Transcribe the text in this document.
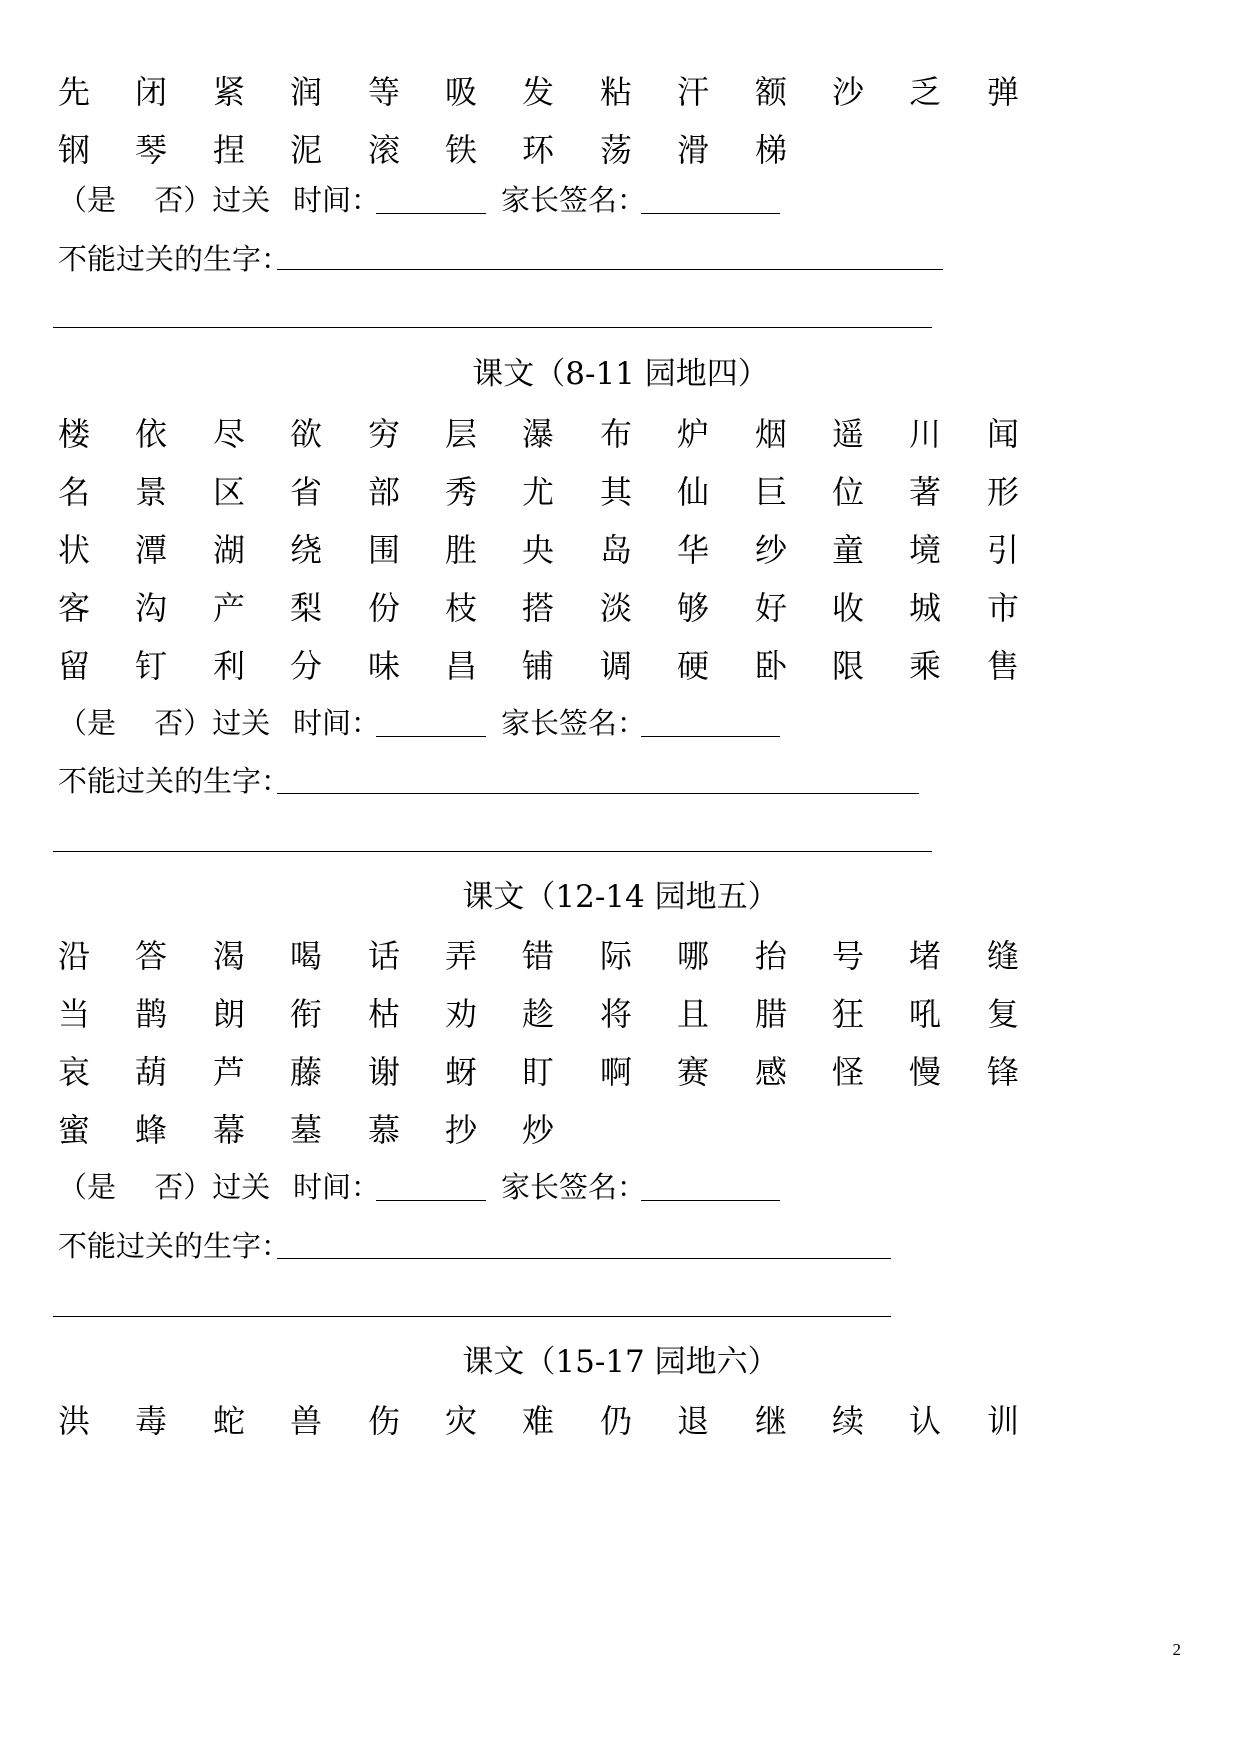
先	闭	紧	润	等	吸	发	粘	汗	额	沙	乏	弹
钢	琴	捏	泥	滚	铁	环	荡	滑	梯
（是　 否）过关 时间：	家长签名：
不能过关的生字：
课文（8-11 园地四）
楼	依	尽	欲	穷	层	瀑	布	炉	烟	遥	川	闻
名	景	区	省	部	秀	尤	其	仙	巨	位	著	形
状	潭	湖	绕	围	胜	央	岛	华	纱	童	境	引
客	沟	产	梨	份	枝	搭	淡	够	好	收	城	市
留	钉	利	分	味	昌	铺	调	硬	卧	限	乘	售
（是　 否）过关 时间：	家长签名：
不能过关的生字：
课文（12-14 园地五）
沿	答	渴	喝	话	弄	错	际	哪	抬	号	堵	缝
当	鹊	朗	衔	枯	劝	趁	将	且	腊	狂	吼	复
哀	葫	芦	藤	谢	蚜	盯	啊	赛	感	怪	慢	锋
蜜	蜂	幕	墓	慕	抄	炒
（是　 否）过关 时间：	家长签名：
不能过关的生字：
课文（15-17 园地六）
洪	毒	蛇	兽	伤	灾	难	仍	退	继	续	认	训
2
